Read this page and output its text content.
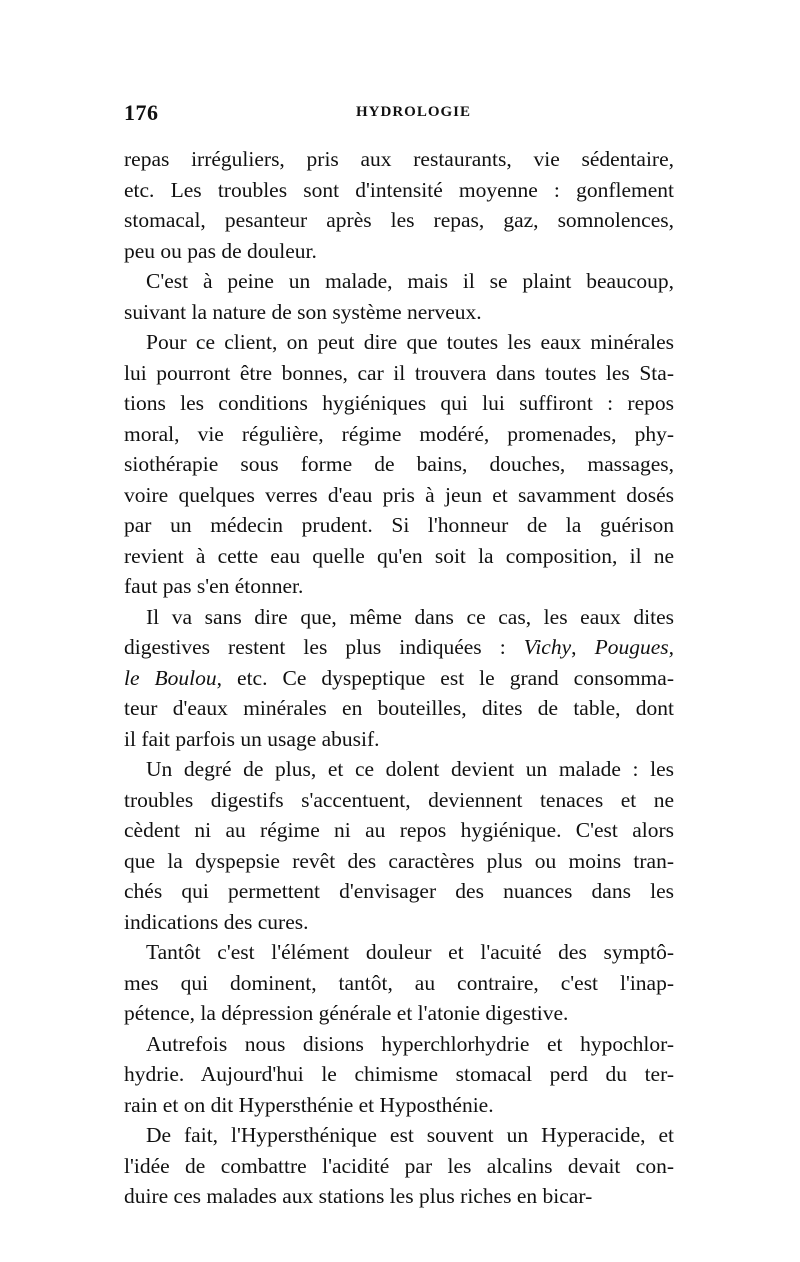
176	HYDROLOGIE
repas irréguliers, pris aux restaurants, vie sédentaire,
etc. Les troubles sont d'intensité moyenne : gonflement
stomacal, pesanteur après les repas, gaz, somnolences,
peu ou pas de douleur.
C'est à peine un malade, mais il se plaint beaucoup,
suivant la nature de son système nerveux.
Pour ce client, on peut dire que toutes les eaux minérales
lui pourront être bonnes, car il trouvera dans toutes les Sta-
tions les conditions hygiéniques qui lui suffiront : repos
moral, vie régulière, régime modéré, promenades, phy-
siothérapie sous forme de bains, douches, massages,
voire quelques verres d'eau pris à jeun et savamment dosés
par un médecin prudent. Si l'honneur de la guérison
revient à cette eau quelle qu'en soit la composition, il ne
faut pas s'en étonner.
Il va sans dire que, même dans ce cas, les eaux dites
digestives restent les plus indiquées : Vichy, Pougues,
le Boulou, etc. Ce dyspeptique est le grand consomma-
teur d'eaux minérales en bouteilles, dites de table, dont
il fait parfois un usage abusif.
Un degré de plus, et ce dolent devient un malade : les
troubles digestifs s'accentuent, deviennent tenaces et ne
cèdent ni au régime ni au repos hygiénique. C'est alors
que la dyspepsie revêt des caractères plus ou moins tran-
chés qui permettent d'envisager des nuances dans les
indications des cures.
Tantôt c'est l'élément douleur et l'acuité des symptô-
mes qui dominent, tantôt, au contraire, c'est l'inap-
pétence, la dépression générale et l'atonie digestive.
Autrefois nous disions hyperchlorhydrie et hypochlor-
hydrie. Aujourd'hui le chimisme stomacal perd du ter-
rain et on dit Hypersthénie et Hyposthénie.
De fait, l'Hypersthénique est souvent un Hyperacide, et
l'idée de combattre l'acidité par les alcalins devait con-
duire ces malades aux stations les plus riches en bicar-
